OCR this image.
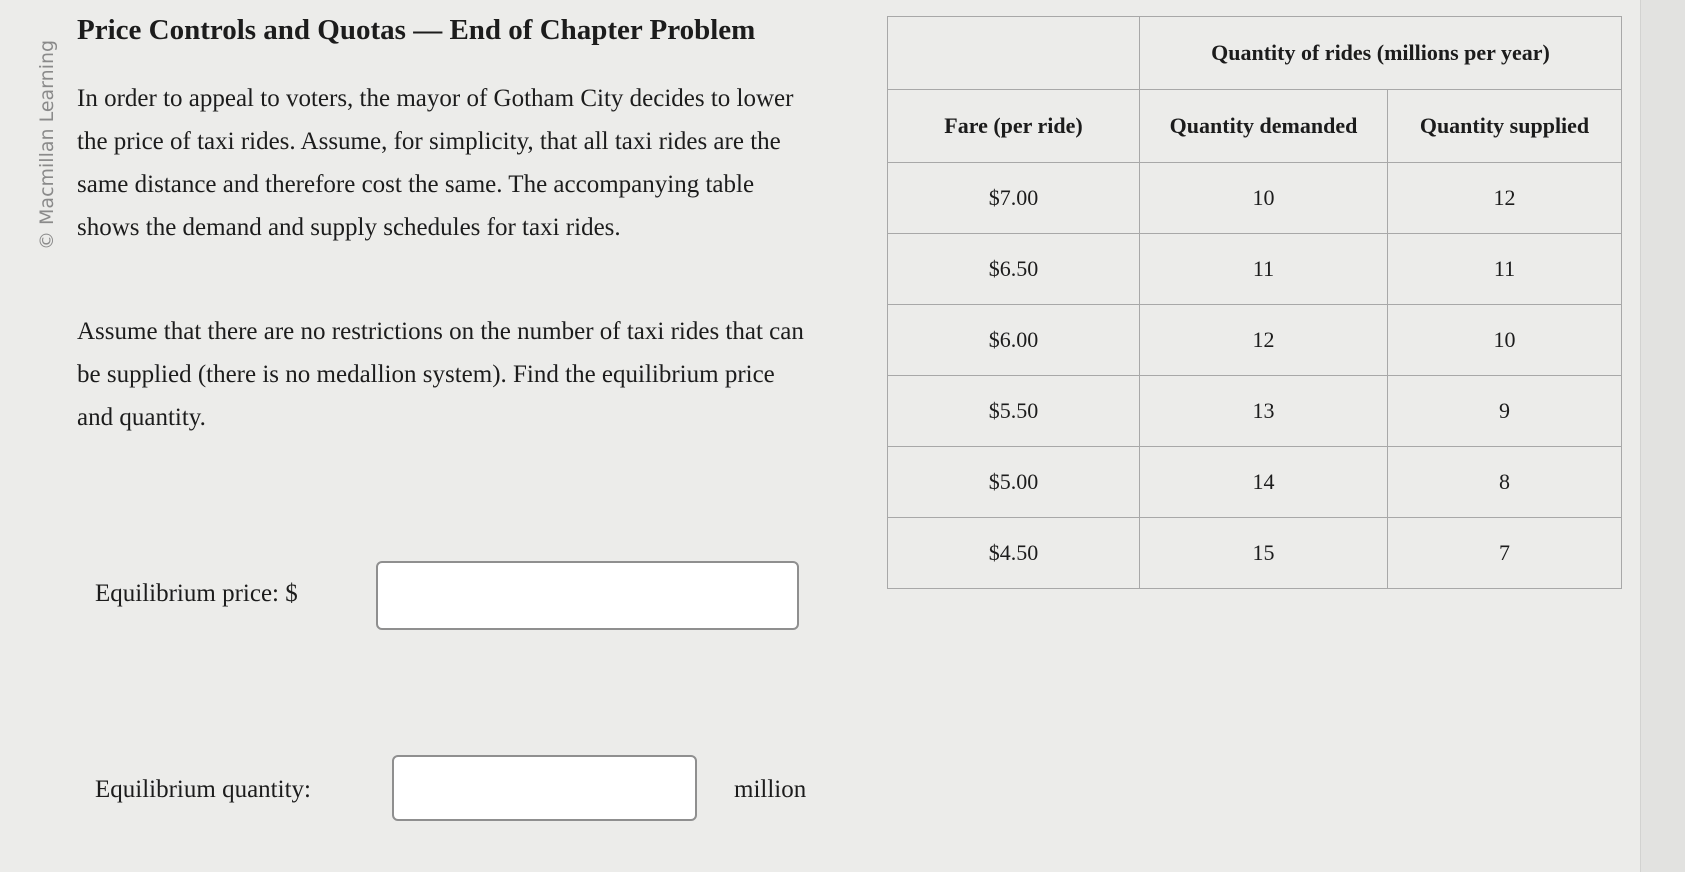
© Macmillan Learning
Price Controls and Quotas — End of Chapter Problem
In order to appeal to voters, the mayor of Gotham City decides to lower the price of taxi rides. Assume, for simplicity, that all taxi rides are the same distance and therefore cost the same. The accompanying table shows the demand and supply schedules for taxi rides.
Assume that there are no restrictions on the number of taxi rides that can be supplied (there is no medallion system). Find the equilibrium price and quantity.
Equilibrium price: $
Equilibrium quantity:	million
	Quantity of rides (millions per year)	
Fare (per ride)	Quantity demanded	Quantity supplied
$7.00	10	12
$6.50	11	11
$6.00	12	10
$5.50	13	9
$5.00	14	8
$4.50	15	7
